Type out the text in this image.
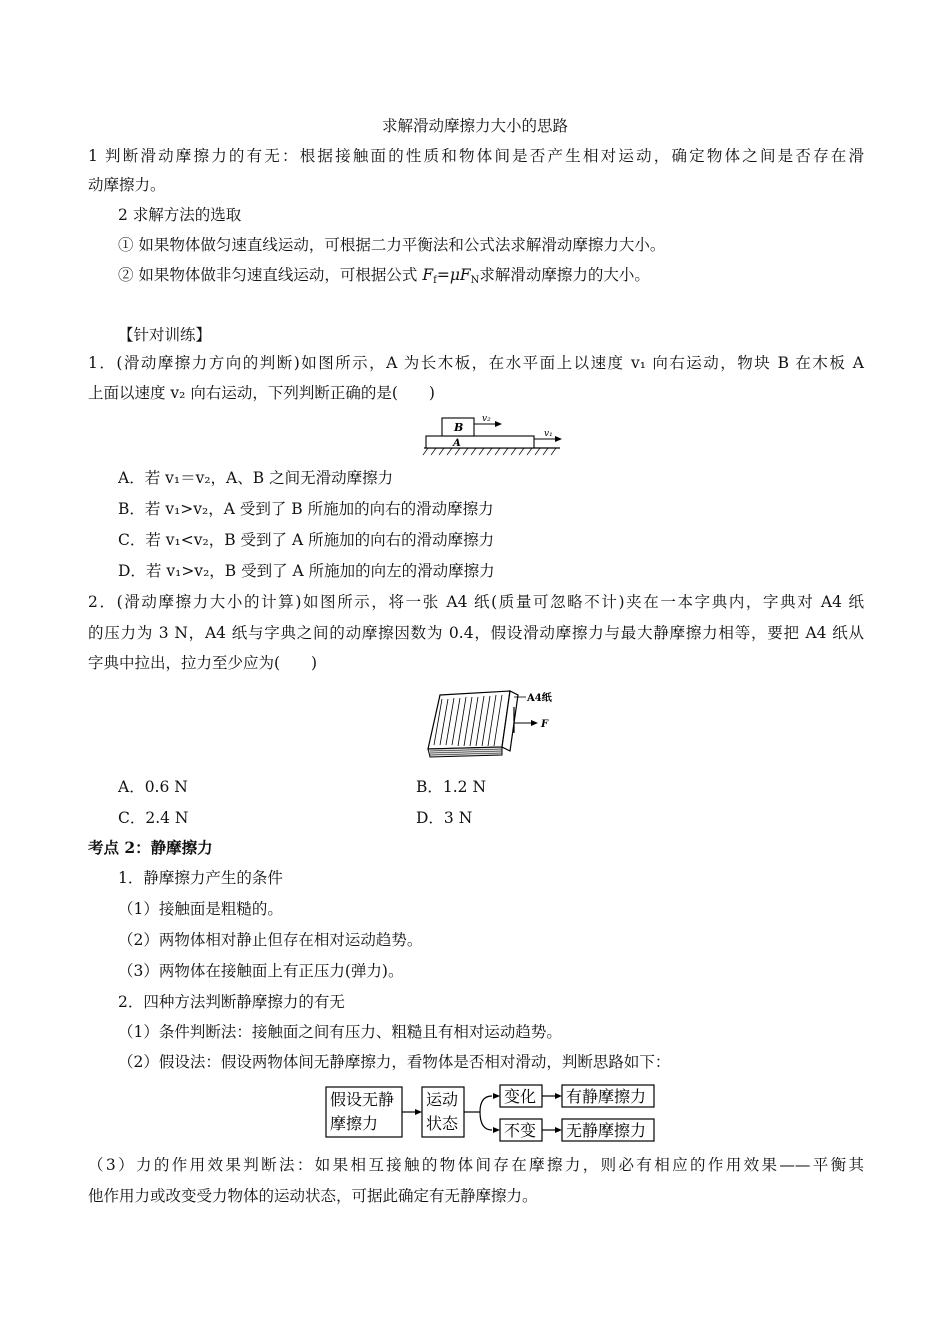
求解滑动摩擦力大小的思路
1 判断滑动摩擦力的有无：根据接触面的性质和物体间是否产生相对运动，确定物体之间是否存在滑
动摩擦力。
2 求解方法的选取
① 如果物体做匀速直线运动，可根据二力平衡法和公式法求解滑动摩擦力大小。
② 如果物体做非匀速直线运动，可根据公式 $F_f=\mu F_N$求解滑动摩擦力的大小。
【针对训练】
1．(滑动摩擦力方向的判断)如图所示，A 为长木板，在水平面上以速度 v₁ 向右运动，物块 B 在木板 A
上面以速度 v₂ 向右运动，下列判断正确的是(　　)
B
A
v₂
v₁
A．若 v₁＝v₂，A、B 之间无滑动摩擦力
B．若 v₁>v₂，A 受到了 B 所施加的向右的滑动摩擦力
C．若 v₁<v₂，B 受到了 A 所施加的向右的滑动摩擦力
D．若 v₁>v₂，B 受到了 A 所施加的向左的滑动摩擦力
2．(滑动摩擦力大小的计算)如图所示，将一张 A4 纸(质量可忽略不计)夹在一本字典内，字典对 A4 纸
的压力为 3 N，A4 纸与字典之间的动摩擦因数为 0.4，假设滑动摩擦力与最大静摩擦力相等，要把 A4 纸从
字典中拉出，拉力至少应为(　　)
A4纸
F
A．0.6 N	B．1.2 N
C．2.4 N	D．3 N
考点 2：静摩擦力
1．静摩擦力产生的条件
（1）接触面是粗糙的。
（2）两物体相对静止但存在相对运动趋势。
（3）两物体在接触面上有正压力(弹力)。
2．四种方法判断静摩擦力的有无
（1）条件判断法：接触面之间有压力、粗糙且有相对运动趋势。
（2）假设法：假设两物体间无静摩擦力，看物体是否相对滑动，判断思路如下：
假设无静
摩擦力
运动
状态
变化 有静摩擦力
不变 无静摩擦力
（3）力的作用效果判断法：如果相互接触的物体间存在摩擦力，则必有相应的作用效果——平衡其
他作用力或改变受力物体的运动状态，可据此确定有无静摩擦力。
